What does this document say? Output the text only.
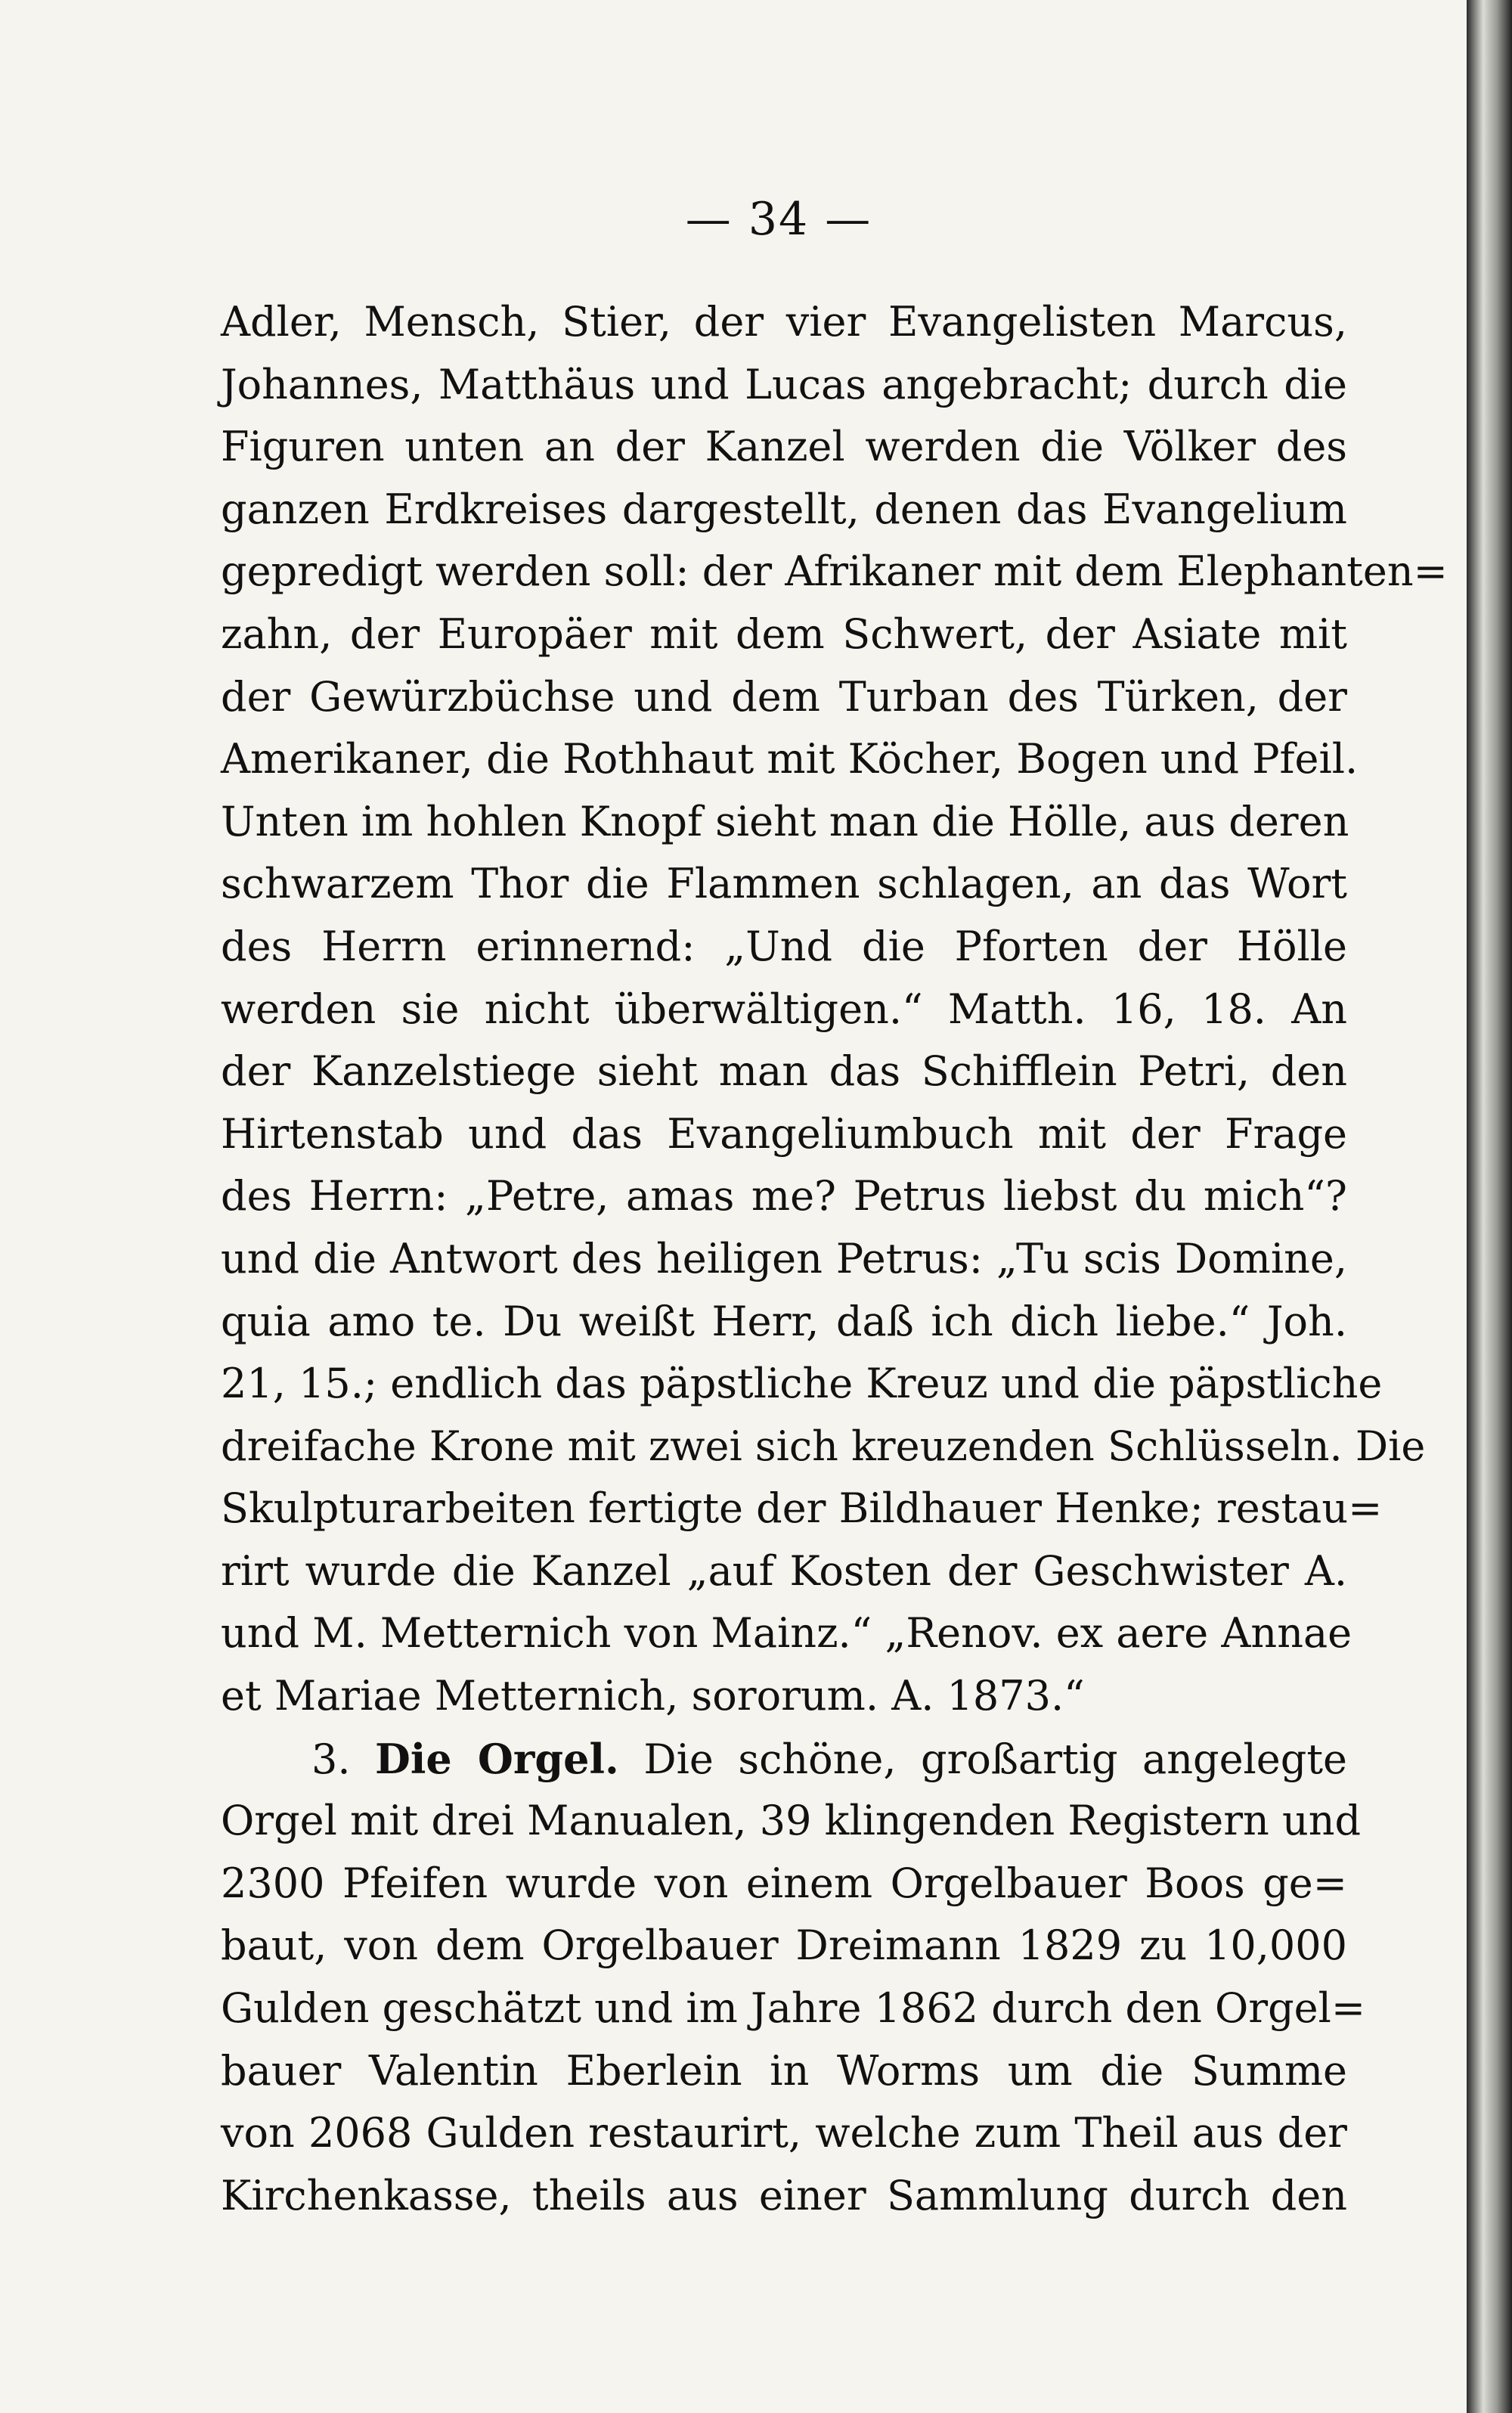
— 34 —
Adler, Mensch, Stier, der vier Evangelisten Marcus,
Johannes, Matthäus und Lucas angebracht; durch die
Figuren unten an der Kanzel werden die Völker des
ganzen Erdkreises dargestellt, denen das Evangelium
gepredigt werden soll: der Afrikaner mit dem Elephanten=
zahn, der Europäer mit dem Schwert, der Asiate mit
der Gewürzbüchse und dem Turban des Türken, der
Amerikaner, die Rothhaut mit Köcher, Bogen und Pfeil.
Unten im hohlen Knopf sieht man die Hölle, aus deren
schwarzem Thor die Flammen schlagen, an das Wort
des Herrn erinnernd: „Und die Pforten der Hölle
werden sie nicht überwältigen.“ Matth. 16, 18. An
der Kanzelstiege sieht man das Schifflein Petri, den
Hirtenstab und das Evangeliumbuch mit der Frage
des Herrn: „Petre, amas me? Petrus liebst du mich“?
und die Antwort des heiligen Petrus: „Tu scis Domine,
quia amo te. Du weißt Herr, daß ich dich liebe.“ Joh.
21, 15.; endlich das päpstliche Kreuz und die päpstliche
dreifache Krone mit zwei sich kreuzenden Schlüsseln. Die
Skulpturarbeiten fertigte der Bildhauer Henke; restau=
rirt wurde die Kanzel „auf Kosten der Geschwister A.
und M. Metternich von Mainz.“ „Renov. ex aere Annae
et Mariae Metternich, sororum. A. 1873.“
3. Die Orgel. Die schöne, großartig angelegte
Orgel mit drei Manualen, 39 klingenden Registern und
2300 Pfeifen wurde von einem Orgelbauer Boos ge=
baut, von dem Orgelbauer Dreimann 1829 zu 10,000
Gulden geschätzt und im Jahre 1862 durch den Orgel=
bauer Valentin Eberlein in Worms um die Summe
von 2068 Gulden restaurirt, welche zum Theil aus der
Kirchenkasse, theils aus einer Sammlung durch den
